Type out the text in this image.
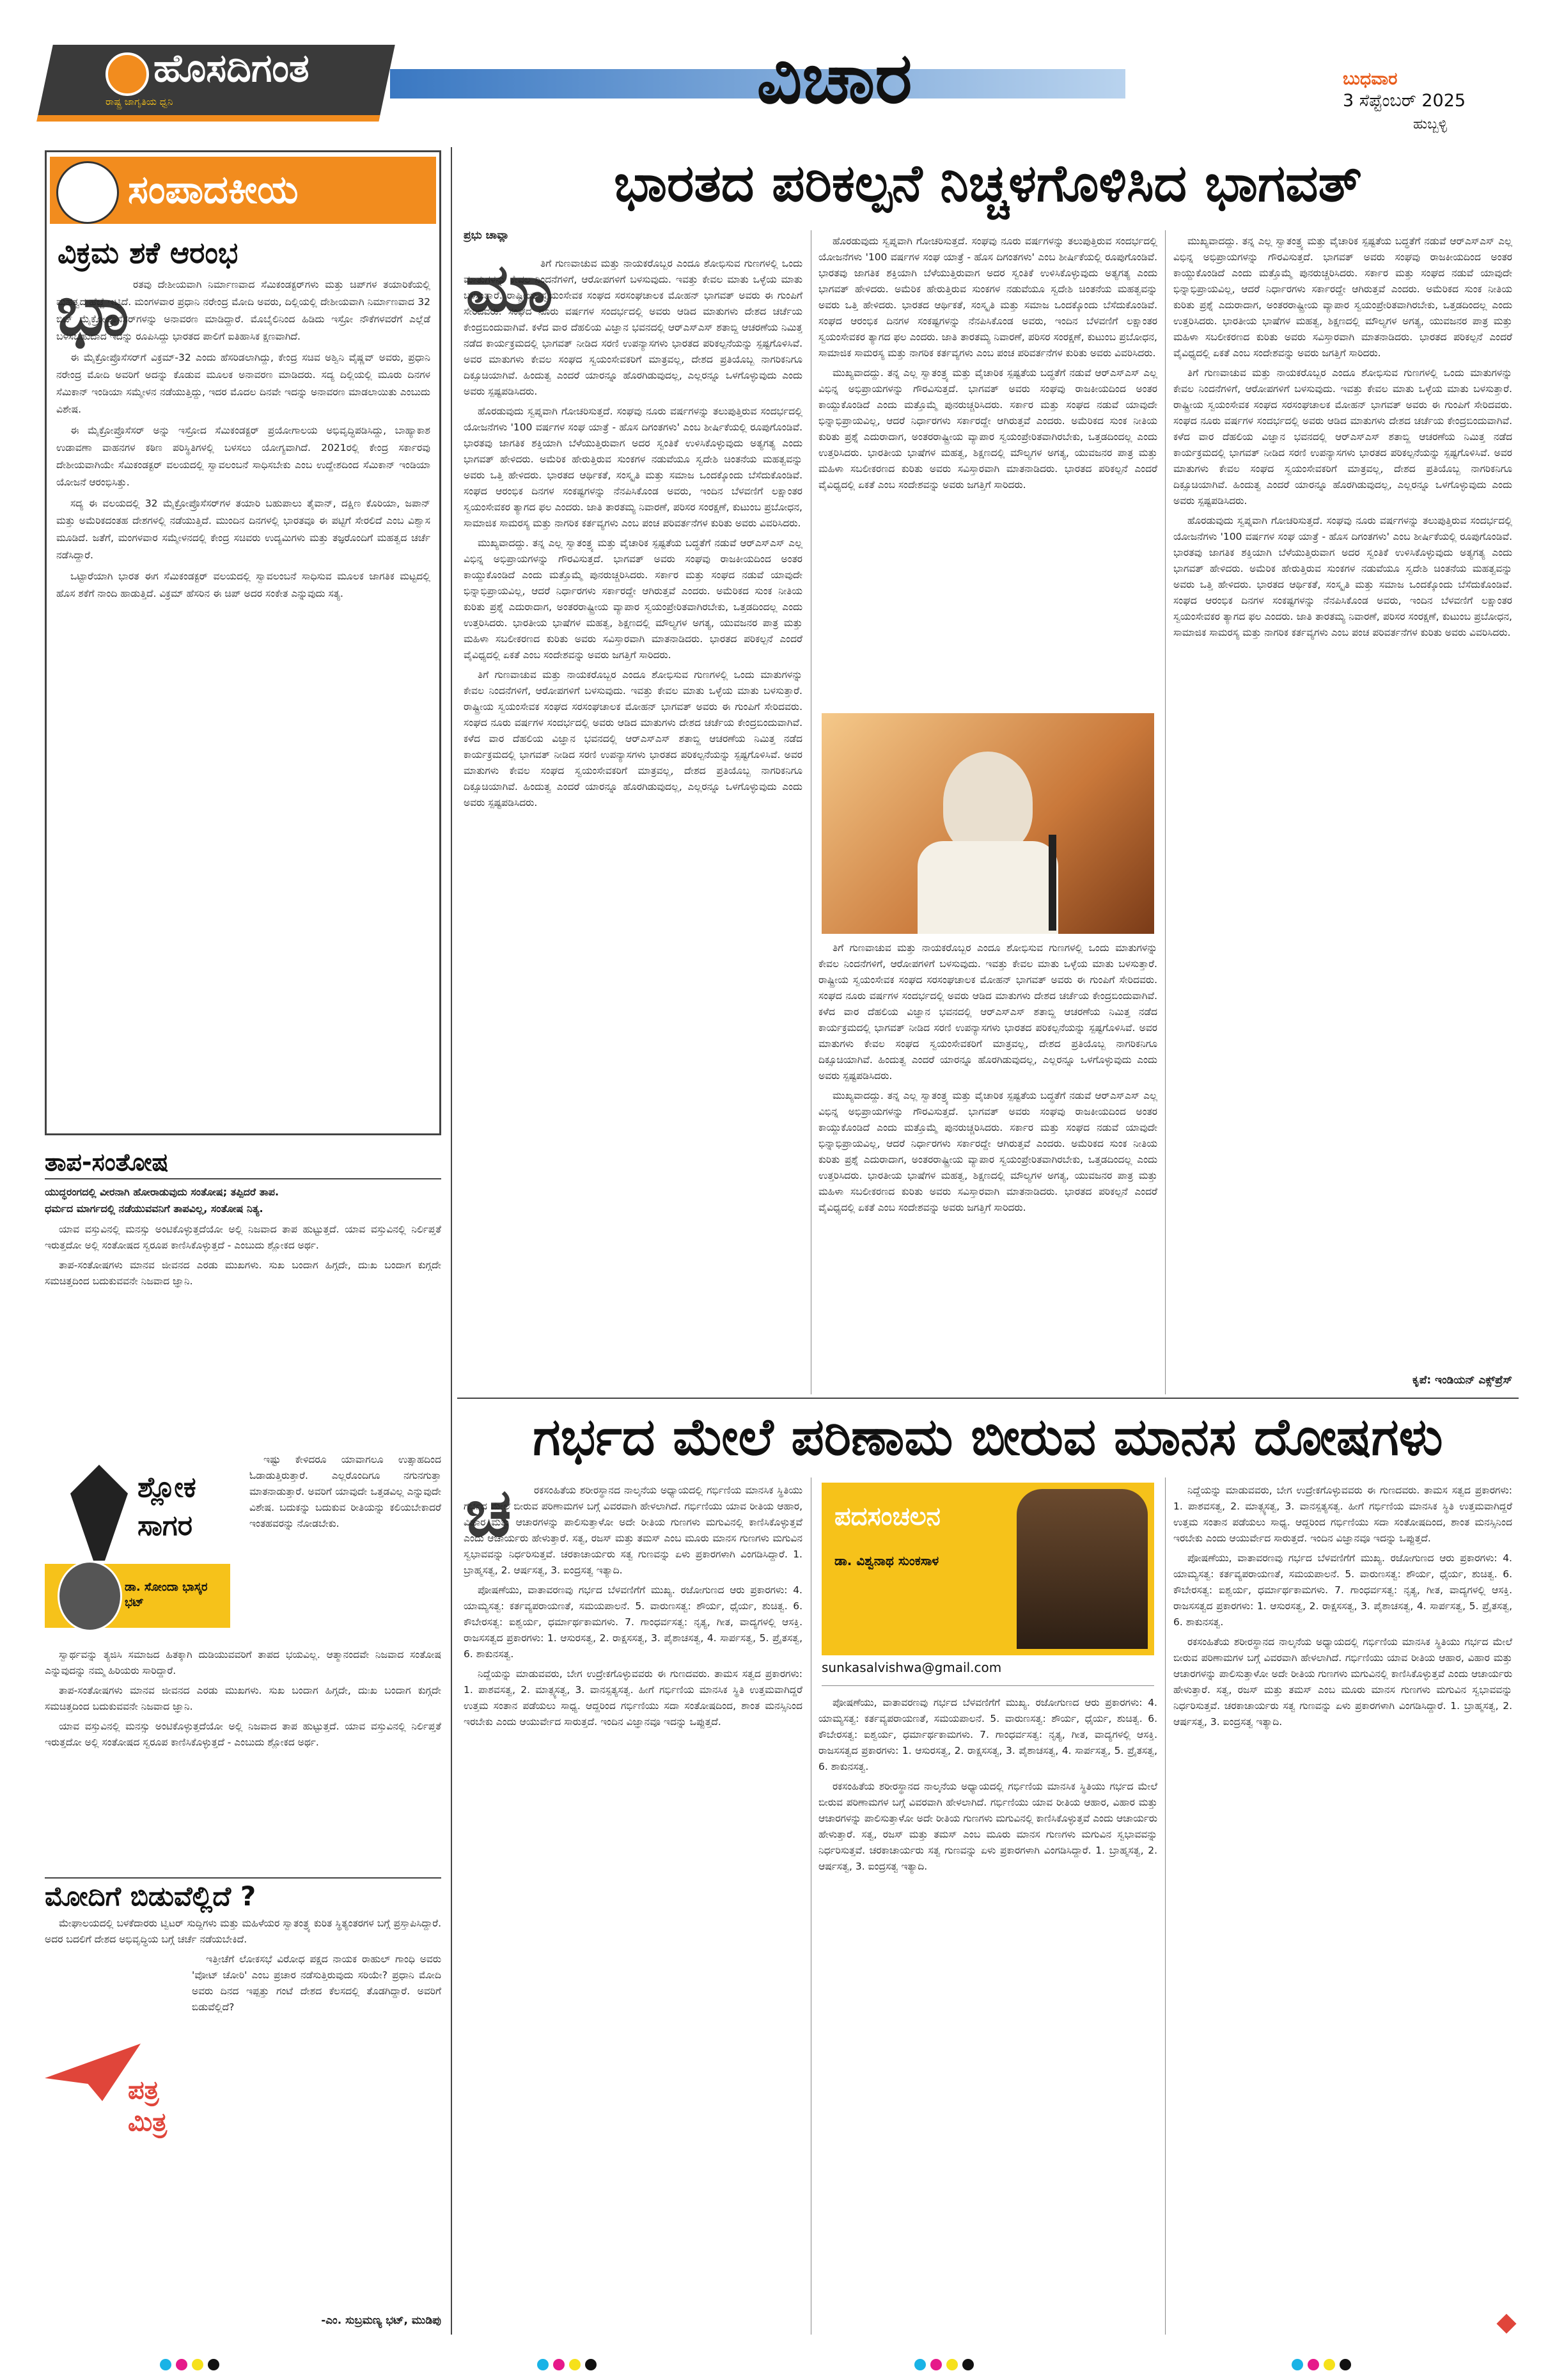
ಹೊಸದಿಗಂತ
ರಾಷ್ಟ್ರ ಜಾಗೃತಿಯ ಧ್ವನಿ	ವಿಚಾರ	ಬುಧವಾರ
3 ಸೆಪ್ಟೆಂಬರ್ 2025
ಹುಬ್ಬಳ್ಳಿ
ಸಂಪಾದಕೀಯ
ವಿಕ್ರಮ ಶಕೆ ಆರಂಭ
ಭಾ ರತವು ದೇಶೀಯವಾಗಿ ನಿರ್ಮಾಣವಾದ ಸೆಮಿಕಂಡಕ್ಟರ್‌ಗಳು ಮತ್ತು ಚಿಪ್‌ಗಳ ತಯಾರಿಕೆಯಲ್ಲಿ ಮಹತ್ವದ ಹೆಜ್ಜೆ ಇಟ್ಟಿದೆ. ಮಂಗಳವಾರ ಪ್ರಧಾನಿ ನರೇಂದ್ರ ಮೋದಿ ಅವರು, ದಿಲ್ಲಿಯಲ್ಲಿ ದೇಶೀಯವಾಗಿ ನಿರ್ಮಾಣವಾದ 32 ಬಿಟ್ ಮೈಕ್ರೋಪ್ರೊಸೆಸರ್‌ಗಳನ್ನು ಅನಾವರಣ ಮಾಡಿದ್ದಾರೆ. ಮೊಬೈಲಿನಿಂದ ಹಿಡಿದು ಇಸ್ರೋ ನೌಕೆಗಳವರೆಗೆ ಎಲ್ಲೆಡೆ ಬಳಸಬಹುದಾದ ಇದನ್ನು ರೂಪಿಸಿದ್ದು ಭಾರತದ ಪಾಲಿಗೆ ಐತಿಹಾಸಿಕ ಕ್ಷಣವಾಗಿದೆ.

ಈ ಮೈಕ್ರೋಪ್ರೊಸೆಸರ್‌ಗೆ ವಿಕ್ರಮ್-32 ಎಂದು ಹೆಸರಿಡಲಾಗಿದ್ದು, ಕೇಂದ್ರ ಸಚಿವ ಅಶ್ವಿನಿ ವೈಷ್ಣವ್ ಅವರು, ಪ್ರಧಾನಿ ನರೇಂದ್ರ ಮೋದಿ ಅವರಿಗೆ ಅದನ್ನು ಕೊಡುವ ಮೂಲಕ ಅನಾವರಣ ಮಾಡಿದರು. ಸದ್ಯ ದಿಲ್ಲಿಯಲ್ಲಿ ಮೂರು ದಿನಗಳ ಸೆಮಿಕಾನ್ ಇಂಡಿಯಾ ಸಮ್ಮೇಳನ ನಡೆಯುತ್ತಿದ್ದು, ಇದರ ಮೊದಲ ದಿನವೇ ಇದನ್ನು ಅನಾವರಣ ಮಾಡಲಾಯಿತು ಎಂಬುದು ವಿಶೇಷ.

ಈ ಮೈಕ್ರೋಪ್ರೊಸೆಸರ್ ಅನ್ನು ಇಸ್ರೋದ ಸೆಮಿಕಂಡಕ್ಟರ್ ಪ್ರಯೋಗಾಲಯ ಅಭಿವೃದ್ಧಿಪಡಿಸಿದ್ದು, ಬಾಹ್ಯಾಕಾಶ ಉಡಾವಣಾ ವಾಹನಗಳ ಕಠಿಣ ಪರಿಸ್ಥಿತಿಗಳಲ್ಲಿ ಬಳಸಲು ಯೋಗ್ಯವಾಗಿದೆ. 2021ರಲ್ಲಿ ಕೇಂದ್ರ ಸರ್ಕಾರವು ದೇಶೀಯವಾಗಿಯೇ ಸೆಮಿಕಂಡಕ್ಟರ್ ವಲಯದಲ್ಲಿ ಸ್ವಾವಲಂಬನೆ ಸಾಧಿಸಬೇಕು ಎಂಬ ಉದ್ದೇಶದಿಂದ ಸೆಮಿಕಾನ್ ಇಂಡಿಯಾ ಯೋಜನೆ ಆರಂಭಿಸಿತ್ತು.

ಸದ್ಯ ಈ ವಲಯದಲ್ಲಿ 32 ಮೈಕ್ರೋಪ್ರೊಸೆಸರ್‌ಗಳ ತಯಾರಿ ಬಹುಪಾಲು ತೈವಾನ್, ದಕ್ಷಿಣ ಕೊರಿಯಾ, ಜಪಾನ್ ಮತ್ತು ಅಮೆರಿಕದಂತಹ ದೇಶಗಳಲ್ಲಿ ನಡೆಯುತ್ತಿದೆ. ಮುಂದಿನ ದಿನಗಳಲ್ಲಿ ಭಾರತವೂ ಈ ಪಟ್ಟಿಗೆ ಸೇರಲಿದೆ ಎಂಬ ವಿಶ್ವಾಸ ಮೂಡಿದೆ. ಜತೆಗೆ, ಮಂಗಳವಾರ ಸಮ್ಮೇಳನದಲ್ಲಿ ಕೇಂದ್ರ ಸಚಿವರು ಉದ್ಯಮಿಗಳು ಮತ್ತು ತಜ್ಞರೊಂದಿಗೆ ಮಹತ್ವದ ಚರ್ಚೆ ನಡೆಸಿದ್ದಾರೆ.

ಒಟ್ಟಾರೆಯಾಗಿ ಭಾರತ ಈಗ ಸೆಮಿಕಂಡಕ್ಟರ್ ವಲಯದಲ್ಲಿ ಸ್ವಾವಲಂಬನೆ ಸಾಧಿಸುವ ಮೂಲಕ ಜಾಗತಿಕ ಮಟ್ಟದಲ್ಲಿ ಹೊಸ ಶಕೆಗೆ ನಾಂದಿ ಹಾಡುತ್ತಿದೆ. ವಿಕ್ರಮ್ ಹೆಸರಿನ ಈ ಚಿಪ್ ಅದರ ಸಂಕೇತ ಎನ್ನುವುದು ಸತ್ಯ.

ತಾಪ-ಸಂತೋಷ
ಯುದ್ಧರಂಗದಲ್ಲಿ ವೀರನಾಗಿ ಹೋರಾಡುವುದು ಸಂತೋಷ; ತಪ್ಪಿದರೆ ತಾಪ.
ಧರ್ಮದ ಮಾರ್ಗದಲ್ಲಿ ನಡೆಯುವವನಿಗೆ ತಾಪವಿಲ್ಲ, ಸಂತೋಷ ನಿತ್ಯ.

ಯಾವ ವಸ್ತುವಿನಲ್ಲಿ ಮನಸ್ಸು ಅಂಟಿಕೊಳ್ಳುತ್ತದೆಯೋ ಅಲ್ಲಿ ನಿಜವಾದ ತಾಪ ಹುಟ್ಟುತ್ತದೆ. ಯಾವ ವಸ್ತುವಿನಲ್ಲಿ ನಿರ್ಲಿಪ್ತತೆ ಇರುತ್ತದೋ ಅಲ್ಲಿ ಸಂತೋಷದ ಸ್ವರೂಪ ಕಾಣಿಸಿಕೊಳ್ಳುತ್ತದೆ - ಎಂಬುದು ಶ್ಲೋಕದ ಅರ್ಥ.

ತಾಪ-ಸಂತೋಷಗಳು ಮಾನವ ಜೀವನದ ಎರಡು ಮುಖಗಳು. ಸುಖ ಬಂದಾಗ ಹಿಗ್ಗದೇ, ದುಃಖ ಬಂದಾಗ ಕುಗ್ಗದೇ ಸಮಚಿತ್ತದಿಂದ ಬದುಕುವವನೇ ನಿಜವಾದ ಜ್ಞಾನಿ.

ಶ್ಲೋಕ
ಸಾಗರ
ಡಾ. ಸೋಂದಾ ಭಾಸ್ಕರ ಭಟ್

ಇಷ್ಟು ಕೇಳಿದರೂ ಯಾವಾಗಲೂ ಉತ್ಸಾಹದಿಂದ ಓಡಾಡುತ್ತಿರುತ್ತಾರೆ. ಎಲ್ಲರೊಂದಿಗೂ ನಗುನಗುತ್ತಾ ಮಾತನಾಡುತ್ತಾರೆ. ಅವರಿಗೆ ಯಾವುದೇ ಒತ್ತಡವಿಲ್ಲ ಎನ್ನುವುದೇ ವಿಶೇಷ. ಬದುಕನ್ನು ಬದುಕುವ ರೀತಿಯನ್ನು ಕಲಿಯಬೇಕಾದರೆ ಇಂತಹವರನ್ನು ನೋಡಬೇಕು.

ಸ್ವಾರ್ಥವನ್ನು ತ್ಯಜಿಸಿ ಸಮಾಜದ ಹಿತಕ್ಕಾಗಿ ದುಡಿಯುವವರಿಗೆ ತಾಪದ ಭಯವಿಲ್ಲ. ಆತ್ಮಾನಂದವೇ ನಿಜವಾದ ಸಂತೋಷ ಎನ್ನುವುದನ್ನು ನಮ್ಮ ಹಿರಿಯರು ಸಾರಿದ್ದಾರೆ.

ತಾಪ-ಸಂತೋಷಗಳು ಮಾನವ ಜೀವನದ ಎರಡು ಮುಖಗಳು. ಸುಖ ಬಂದಾಗ ಹಿಗ್ಗದೇ, ದುಃಖ ಬಂದಾಗ ಕುಗ್ಗದೇ ಸಮಚಿತ್ತದಿಂದ ಬದುಕುವವನೇ ನಿಜವಾದ ಜ್ಞಾನಿ.

ಯಾವ ವಸ್ತುವಿನಲ್ಲಿ ಮನಸ್ಸು ಅಂಟಿಕೊಳ್ಳುತ್ತದೆಯೋ ಅಲ್ಲಿ ನಿಜವಾದ ತಾಪ ಹುಟ್ಟುತ್ತದೆ. ಯಾವ ವಸ್ತುವಿನಲ್ಲಿ ನಿರ್ಲಿಪ್ತತೆ ಇರುತ್ತದೋ ಅಲ್ಲಿ ಸಂತೋಷದ ಸ್ವರೂಪ ಕಾಣಿಸಿಕೊಳ್ಳುತ್ತದೆ - ಎಂಬುದು ಶ್ಲೋಕದ ಅರ್ಥ.

ಮೋದಿಗೆ ಬಿಡುವೆಲ್ಲಿದೆ ?

ಮೇಘಾಲಯದಲ್ಲಿ ಬಳಕೆದಾರರು ಟ್ವಿಟರ್ ಸುದ್ದಿಗಳು ಮತ್ತು ಮಹಿಳೆಯರ ಸ್ವಾತಂತ್ರ್ಯ ಕುರಿತ ಸ್ಥಿತ್ಯಂತರಗಳ ಬಗ್ಗೆ ಪ್ರಸ್ತಾಪಿಸಿದ್ದಾರೆ. ಅದರ ಬದಲಿಗೆ ದೇಶದ ಅಭಿವೃದ್ಧಿಯ ಬಗ್ಗೆ ಚರ್ಚೆ ನಡೆಯಬೇಕಿದೆ.

ಇತ್ತೀಚೆಗೆ ಲೋಕಸಭೆ ವಿರೋಧ ಪಕ್ಷದ ನಾಯಕ ರಾಹುಲ್ ಗಾಂಧಿ ಅವರು 'ವೋಟ್ ಚೋರಿ' ಎಂಬ ಪ್ರಚಾರ ನಡೆಸುತ್ತಿರುವುದು ಸರಿಯೇ? ಪ್ರಧಾನಿ ಮೋದಿ ಅವರು ದಿನದ ಇಪ್ಪತ್ತು ಗಂಟೆ ದೇಶದ ಕೆಲಸದಲ್ಲಿ ತೊಡಗಿದ್ದಾರೆ. ಅವರಿಗೆ ಬಿಡುವೆಲ್ಲಿದೆ?

ಪತ್ರ
ಮಿತ್ರ
-ಎಂ. ಸುಬ್ರಮಣ್ಯ ಭಟ್, ಮುಡಿಪು
ಭಾರತದ ಪರಿಕಲ್ಪನೆ ನಿಚ್ಚಳಗೊಳಿಸಿದ ಭಾಗವತ್
ಪ್ರಭು ಚಾವ್ಲಾ
ಮಾ

ತಿಗೆ ಗುಣವಾಚುವ ಮತ್ತು ನಾಯಕರೊಬ್ಬರ ಎಂದೂ ಶೋಭಿಸುವ ಗುಣಗಳಲ್ಲಿ ಒಂದು ಮಾತುಗಳನ್ನು ಕೇವಲ ನಿಂದನೆಗಳಿಗೆ, ಆರೋಪಗಳಿಗೆ ಬಳಸುವುದು. ಇವತ್ತು ಕೇವಲ ಮಾತು ಒಳ್ಳೆಯ ಮಾತು ಬಳಸುತ್ತಾರೆ. ರಾಷ್ಟ್ರೀಯ ಸ್ವಯಂಸೇವಕ ಸಂಘದ ಸರಸಂಘಚಾಲಕ ಮೋಹನ್ ಭಾಗವತ್ ಅವರು ಈ ಗುಂಪಿಗೆ ಸೇರಿದವರು. ಸಂಘದ ನೂರು ವರ್ಷಗಳ ಸಂದರ್ಭದಲ್ಲಿ ಅವರು ಆಡಿದ ಮಾತುಗಳು ದೇಶದ ಚರ್ಚೆಯ ಕೇಂದ್ರಬಿಂದುವಾಗಿವೆ. ಕಳೆದ ವಾರ ದೆಹಲಿಯ ವಿಜ್ಞಾನ ಭವನದಲ್ಲಿ ಆರ್‌ಎಸ್‌ಎಸ್ ಶತಾಬ್ದಿ ಆಚರಣೆಯ ನಿಮಿತ್ತ ನಡೆದ ಕಾರ್ಯಕ್ರಮದಲ್ಲಿ ಭಾಗವತ್ ನೀಡಿದ ಸರಣಿ ಉಪನ್ಯಾಸಗಳು ಭಾರತದ ಪರಿಕಲ್ಪನೆಯನ್ನು ಸ್ಪಷ್ಟಗೊಳಿಸಿವೆ. ಅವರ ಮಾತುಗಳು ಕೇವಲ ಸಂಘದ ಸ್ವಯಂಸೇವಕರಿಗೆ ಮಾತ್ರವಲ್ಲ, ದೇಶದ ಪ್ರತಿಯೊಬ್ಬ ನಾಗರಿಕನಿಗೂ ದಿಕ್ಸೂಚಿಯಾಗಿವೆ. ಹಿಂದುತ್ವ ಎಂದರೆ ಯಾರನ್ನೂ ಹೊರಗಿಡುವುದಲ್ಲ, ಎಲ್ಲರನ್ನೂ ಒಳಗೊಳ್ಳುವುದು ಎಂದು ಅವರು ಸ್ಪಷ್ಟಪಡಿಸಿದರು.

ಹೊರಡುವುದು ಸ್ವಪ್ನವಾಗಿ ಗೋಚರಿಸುತ್ತದೆ. ಸಂಘವು ನೂರು ವರ್ಷಗಳನ್ನು ತಲುಪುತ್ತಿರುವ ಸಂದರ್ಭದಲ್ಲಿ ಯೋಜನೆಗಳು '100 ವರ್ಷಗಳ ಸಂಘ ಯಾತ್ರೆ - ಹೊಸ ದಿಗಂತಗಳು' ಎಂಬ ಶೀರ್ಷಿಕೆಯಲ್ಲಿ ರೂಪುಗೊಂಡಿವೆ. ಭಾರತವು ಜಾಗತಿಕ ಶಕ್ತಿಯಾಗಿ ಬೆಳೆಯುತ್ತಿರುವಾಗ ಅದರ ಸ್ವಂತಿಕೆ ಉಳಿಸಿಕೊಳ್ಳುವುದು ಅತ್ಯಗತ್ಯ ಎಂದು ಭಾಗವತ್ ಹೇಳಿದರು. ಅಮೆರಿಕ ಹೇರುತ್ತಿರುವ ಸುಂಕಗಳ ನಡುವೆಯೂ ಸ್ವದೇಶಿ ಚಿಂತನೆಯ ಮಹತ್ವವನ್ನು ಅವರು ಒತ್ತಿ ಹೇಳಿದರು. ಭಾರತದ ಆರ್ಥಿಕತೆ, ಸಂಸ್ಕೃತಿ ಮತ್ತು ಸಮಾಜ ಒಂದಕ್ಕೊಂದು ಬೆಸೆದುಕೊಂಡಿವೆ. ಸಂಘದ ಆರಂಭಿಕ ದಿನಗಳ ಸಂಕಷ್ಟಗಳನ್ನು ನೆನಪಿಸಿಕೊಂಡ ಅವರು, ಇಂದಿನ ಬೆಳವಣಿಗೆ ಲಕ್ಷಾಂತರ ಸ್ವಯಂಸೇವಕರ ತ್ಯಾಗದ ಫಲ ಎಂದರು. ಜಾತಿ ತಾರತಮ್ಯ ನಿವಾರಣೆ, ಪರಿಸರ ಸಂರಕ್ಷಣೆ, ಕುಟುಂಬ ಪ್ರಬೋಧನ, ಸಾಮಾಜಿಕ ಸಾಮರಸ್ಯ ಮತ್ತು ನಾಗರಿಕ ಕರ್ತವ್ಯಗಳು ಎಂಬ ಪಂಚ ಪರಿವರ್ತನೆಗಳ ಕುರಿತು ಅವರು ವಿವರಿಸಿದರು.

ಮುಖ್ಯವಾದದ್ದು. ತನ್ನ ಎಲ್ಲ ಸ್ವಾತಂತ್ರ್ಯ ಮತ್ತು ವೈಚಾರಿಕ ಸ್ಪಷ್ಟತೆಯ ಬದ್ಧತೆಗೆ ನಡುವೆ ಆರ್‌ಎಸ್‌ಎಸ್ ಎಲ್ಲ ವಿಭಿನ್ನ ಅಭಿಪ್ರಾಯಗಳನ್ನು ಗೌರವಿಸುತ್ತದೆ. ಭಾಗವತ್ ಅವರು ಸಂಘವು ರಾಜಕೀಯದಿಂದ ಅಂತರ ಕಾಯ್ದುಕೊಂಡಿದೆ ಎಂದು ಮತ್ತೊಮ್ಮೆ ಪುನರುಚ್ಚರಿಸಿದರು. ಸರ್ಕಾರ ಮತ್ತು ಸಂಘದ ನಡುವೆ ಯಾವುದೇ ಭಿನ್ನಾಭಿಪ್ರಾಯವಿಲ್ಲ, ಆದರೆ ನಿರ್ಧಾರಗಳು ಸರ್ಕಾರದ್ದೇ ಆಗಿರುತ್ತವೆ ಎಂದರು. ಅಮೆರಿಕದ ಸುಂಕ ನೀತಿಯ ಕುರಿತು ಪ್ರಶ್ನೆ ಎದುರಾದಾಗ, ಅಂತರರಾಷ್ಟ್ರೀಯ ವ್ಯಾಪಾರ ಸ್ವಯಂಪ್ರೇರಿತವಾಗಿರಬೇಕು, ಒತ್ತಡದಿಂದಲ್ಲ ಎಂದು ಉತ್ತರಿಸಿದರು. ಭಾರತೀಯ ಭಾಷೆಗಳ ಮಹತ್ವ, ಶಿಕ್ಷಣದಲ್ಲಿ ಮೌಲ್ಯಗಳ ಅಗತ್ಯ, ಯುವಜನರ ಪಾತ್ರ ಮತ್ತು ಮಹಿಳಾ ಸಬಲೀಕರಣದ ಕುರಿತು ಅವರು ಸವಿಸ್ತಾರವಾಗಿ ಮಾತನಾಡಿದರು. ಭಾರತದ ಪರಿಕಲ್ಪನೆ ಎಂದರೆ ವೈವಿಧ್ಯದಲ್ಲಿ ಏಕತೆ ಎಂಬ ಸಂದೇಶವನ್ನು ಅವರು ಜಗತ್ತಿಗೆ ಸಾರಿದರು.

ತಿಗೆ ಗುಣವಾಚುವ ಮತ್ತು ನಾಯಕರೊಬ್ಬರ ಎಂದೂ ಶೋಭಿಸುವ ಗುಣಗಳಲ್ಲಿ ಒಂದು ಮಾತುಗಳನ್ನು ಕೇವಲ ನಿಂದನೆಗಳಿಗೆ, ಆರೋಪಗಳಿಗೆ ಬಳಸುವುದು. ಇವತ್ತು ಕೇವಲ ಮಾತು ಒಳ್ಳೆಯ ಮಾತು ಬಳಸುತ್ತಾರೆ. ರಾಷ್ಟ್ರೀಯ ಸ್ವಯಂಸೇವಕ ಸಂಘದ ಸರಸಂಘಚಾಲಕ ಮೋಹನ್ ಭಾಗವತ್ ಅವರು ಈ ಗುಂಪಿಗೆ ಸೇರಿದವರು. ಸಂಘದ ನೂರು ವರ್ಷಗಳ ಸಂದರ್ಭದಲ್ಲಿ ಅವರು ಆಡಿದ ಮಾತುಗಳು ದೇಶದ ಚರ್ಚೆಯ ಕೇಂದ್ರಬಿಂದುವಾಗಿವೆ. ಕಳೆದ ವಾರ ದೆಹಲಿಯ ವಿಜ್ಞಾನ ಭವನದಲ್ಲಿ ಆರ್‌ಎಸ್‌ಎಸ್ ಶತಾಬ್ದಿ ಆಚರಣೆಯ ನಿಮಿತ್ತ ನಡೆದ ಕಾರ್ಯಕ್ರಮದಲ್ಲಿ ಭಾಗವತ್ ನೀಡಿದ ಸರಣಿ ಉಪನ್ಯಾಸಗಳು ಭಾರತದ ಪರಿಕಲ್ಪನೆಯನ್ನು ಸ್ಪಷ್ಟಗೊಳಿಸಿವೆ. ಅವರ ಮಾತುಗಳು ಕೇವಲ ಸಂಘದ ಸ್ವಯಂಸೇವಕರಿಗೆ ಮಾತ್ರವಲ್ಲ, ದೇಶದ ಪ್ರತಿಯೊಬ್ಬ ನಾಗರಿಕನಿಗೂ ದಿಕ್ಸೂಚಿಯಾಗಿವೆ. ಹಿಂದುತ್ವ ಎಂದರೆ ಯಾರನ್ನೂ ಹೊರಗಿಡುವುದಲ್ಲ, ಎಲ್ಲರನ್ನೂ ಒಳಗೊಳ್ಳುವುದು ಎಂದು ಅವರು ಸ್ಪಷ್ಟಪಡಿಸಿದರು.

ಹೊರಡುವುದು ಸ್ವಪ್ನವಾಗಿ ಗೋಚರಿಸುತ್ತದೆ. ಸಂಘವು ನೂರು ವರ್ಷಗಳನ್ನು ತಲುಪುತ್ತಿರುವ ಸಂದರ್ಭದಲ್ಲಿ ಯೋಜನೆಗಳು '100 ವರ್ಷಗಳ ಸಂಘ ಯಾತ್ರೆ - ಹೊಸ ದಿಗಂತಗಳು' ಎಂಬ ಶೀರ್ಷಿಕೆಯಲ್ಲಿ ರೂಪುಗೊಂಡಿವೆ. ಭಾರತವು ಜಾಗತಿಕ ಶಕ್ತಿಯಾಗಿ ಬೆಳೆಯುತ್ತಿರುವಾಗ ಅದರ ಸ್ವಂತಿಕೆ ಉಳಿಸಿಕೊಳ್ಳುವುದು ಅತ್ಯಗತ್ಯ ಎಂದು ಭಾಗವತ್ ಹೇಳಿದರು. ಅಮೆರಿಕ ಹೇರುತ್ತಿರುವ ಸುಂಕಗಳ ನಡುವೆಯೂ ಸ್ವದೇಶಿ ಚಿಂತನೆಯ ಮಹತ್ವವನ್ನು ಅವರು ಒತ್ತಿ ಹೇಳಿದರು. ಭಾರತದ ಆರ್ಥಿಕತೆ, ಸಂಸ್ಕೃತಿ ಮತ್ತು ಸಮಾಜ ಒಂದಕ್ಕೊಂದು ಬೆಸೆದುಕೊಂಡಿವೆ. ಸಂಘದ ಆರಂಭಿಕ ದಿನಗಳ ಸಂಕಷ್ಟಗಳನ್ನು ನೆನಪಿಸಿಕೊಂಡ ಅವರು, ಇಂದಿನ ಬೆಳವಣಿಗೆ ಲಕ್ಷಾಂತರ ಸ್ವಯಂಸೇವಕರ ತ್ಯಾಗದ ಫಲ ಎಂದರು. ಜಾತಿ ತಾರತಮ್ಯ ನಿವಾರಣೆ, ಪರಿಸರ ಸಂರಕ್ಷಣೆ, ಕುಟುಂಬ ಪ್ರಬೋಧನ, ಸಾಮಾಜಿಕ ಸಾಮರಸ್ಯ ಮತ್ತು ನಾಗರಿಕ ಕರ್ತವ್ಯಗಳು ಎಂಬ ಪಂಚ ಪರಿವರ್ತನೆಗಳ ಕುರಿತು ಅವರು ವಿವರಿಸಿದರು.

ಮುಖ್ಯವಾದದ್ದು. ತನ್ನ ಎಲ್ಲ ಸ್ವಾತಂತ್ರ್ಯ ಮತ್ತು ವೈಚಾರಿಕ ಸ್ಪಷ್ಟತೆಯ ಬದ್ಧತೆಗೆ ನಡುವೆ ಆರ್‌ಎಸ್‌ಎಸ್ ಎಲ್ಲ ವಿಭಿನ್ನ ಅಭಿಪ್ರಾಯಗಳನ್ನು ಗೌರವಿಸುತ್ತದೆ. ಭಾಗವತ್ ಅವರು ಸಂಘವು ರಾಜಕೀಯದಿಂದ ಅಂತರ ಕಾಯ್ದುಕೊಂಡಿದೆ ಎಂದು ಮತ್ತೊಮ್ಮೆ ಪುನರುಚ್ಚರಿಸಿದರು. ಸರ್ಕಾರ ಮತ್ತು ಸಂಘದ ನಡುವೆ ಯಾವುದೇ ಭಿನ್ನಾಭಿಪ್ರಾಯವಿಲ್ಲ, ಆದರೆ ನಿರ್ಧಾರಗಳು ಸರ್ಕಾರದ್ದೇ ಆಗಿರುತ್ತವೆ ಎಂದರು. ಅಮೆರಿಕದ ಸುಂಕ ನೀತಿಯ ಕುರಿತು ಪ್ರಶ್ನೆ ಎದುರಾದಾಗ, ಅಂತರರಾಷ್ಟ್ರೀಯ ವ್ಯಾಪಾರ ಸ್ವಯಂಪ್ರೇರಿತವಾಗಿರಬೇಕು, ಒತ್ತಡದಿಂದಲ್ಲ ಎಂದು ಉತ್ತರಿಸಿದರು. ಭಾರತೀಯ ಭಾಷೆಗಳ ಮಹತ್ವ, ಶಿಕ್ಷಣದಲ್ಲಿ ಮೌಲ್ಯಗಳ ಅಗತ್ಯ, ಯುವಜನರ ಪಾತ್ರ ಮತ್ತು ಮಹಿಳಾ ಸಬಲೀಕರಣದ ಕುರಿತು ಅವರು ಸವಿಸ್ತಾರವಾಗಿ ಮಾತನಾಡಿದರು. ಭಾರತದ ಪರಿಕಲ್ಪನೆ ಎಂದರೆ ವೈವಿಧ್ಯದಲ್ಲಿ ಏಕತೆ ಎಂಬ ಸಂದೇಶವನ್ನು ಅವರು ಜಗತ್ತಿಗೆ ಸಾರಿದರು.

ತಿಗೆ ಗುಣವಾಚುವ ಮತ್ತು ನಾಯಕರೊಬ್ಬರ ಎಂದೂ ಶೋಭಿಸುವ ಗುಣಗಳಲ್ಲಿ ಒಂದು ಮಾತುಗಳನ್ನು ಕೇವಲ ನಿಂದನೆಗಳಿಗೆ, ಆರೋಪಗಳಿಗೆ ಬಳಸುವುದು. ಇವತ್ತು ಕೇವಲ ಮಾತು ಒಳ್ಳೆಯ ಮಾತು ಬಳಸುತ್ತಾರೆ. ರಾಷ್ಟ್ರೀಯ ಸ್ವಯಂಸೇವಕ ಸಂಘದ ಸರಸಂಘಚಾಲಕ ಮೋಹನ್ ಭಾಗವತ್ ಅವರು ಈ ಗುಂಪಿಗೆ ಸೇರಿದವರು. ಸಂಘದ ನೂರು ವರ್ಷಗಳ ಸಂದರ್ಭದಲ್ಲಿ ಅವರು ಆಡಿದ ಮಾತುಗಳು ದೇಶದ ಚರ್ಚೆಯ ಕೇಂದ್ರಬಿಂದುವಾಗಿವೆ. ಕಳೆದ ವಾರ ದೆಹಲಿಯ ವಿಜ್ಞಾನ ಭವನದಲ್ಲಿ ಆರ್‌ಎಸ್‌ಎಸ್ ಶತಾಬ್ದಿ ಆಚರಣೆಯ ನಿಮಿತ್ತ ನಡೆದ ಕಾರ್ಯಕ್ರಮದಲ್ಲಿ ಭಾಗವತ್ ನೀಡಿದ ಸರಣಿ ಉಪನ್ಯಾಸಗಳು ಭಾರತದ ಪರಿಕಲ್ಪನೆಯನ್ನು ಸ್ಪಷ್ಟಗೊಳಿಸಿವೆ. ಅವರ ಮಾತುಗಳು ಕೇವಲ ಸಂಘದ ಸ್ವಯಂಸೇವಕರಿಗೆ ಮಾತ್ರವಲ್ಲ, ದೇಶದ ಪ್ರತಿಯೊಬ್ಬ ನಾಗರಿಕನಿಗೂ ದಿಕ್ಸೂಚಿಯಾಗಿವೆ. ಹಿಂದುತ್ವ ಎಂದರೆ ಯಾರನ್ನೂ ಹೊರಗಿಡುವುದಲ್ಲ, ಎಲ್ಲರನ್ನೂ ಒಳಗೊಳ್ಳುವುದು ಎಂದು ಅವರು ಸ್ಪಷ್ಟಪಡಿಸಿದರು.

ಮುಖ್ಯವಾದದ್ದು. ತನ್ನ ಎಲ್ಲ ಸ್ವಾತಂತ್ರ್ಯ ಮತ್ತು ವೈಚಾರಿಕ ಸ್ಪಷ್ಟತೆಯ ಬದ್ಧತೆಗೆ ನಡುವೆ ಆರ್‌ಎಸ್‌ಎಸ್ ಎಲ್ಲ ವಿಭಿನ್ನ ಅಭಿಪ್ರಾಯಗಳನ್ನು ಗೌರವಿಸುತ್ತದೆ. ಭಾಗವತ್ ಅವರು ಸಂಘವು ರಾಜಕೀಯದಿಂದ ಅಂತರ ಕಾಯ್ದುಕೊಂಡಿದೆ ಎಂದು ಮತ್ತೊಮ್ಮೆ ಪುನರುಚ್ಚರಿಸಿದರು. ಸರ್ಕಾರ ಮತ್ತು ಸಂಘದ ನಡುವೆ ಯಾವುದೇ ಭಿನ್ನಾಭಿಪ್ರಾಯವಿಲ್ಲ, ಆದರೆ ನಿರ್ಧಾರಗಳು ಸರ್ಕಾರದ್ದೇ ಆಗಿರುತ್ತವೆ ಎಂದರು. ಅಮೆರಿಕದ ಸುಂಕ ನೀತಿಯ ಕುರಿತು ಪ್ರಶ್ನೆ ಎದುರಾದಾಗ, ಅಂತರರಾಷ್ಟ್ರೀಯ ವ್ಯಾಪಾರ ಸ್ವಯಂಪ್ರೇರಿತವಾಗಿರಬೇಕು, ಒತ್ತಡದಿಂದಲ್ಲ ಎಂದು ಉತ್ತರಿಸಿದರು. ಭಾರತೀಯ ಭಾಷೆಗಳ ಮಹತ್ವ, ಶಿಕ್ಷಣದಲ್ಲಿ ಮೌಲ್ಯಗಳ ಅಗತ್ಯ, ಯುವಜನರ ಪಾತ್ರ ಮತ್ತು ಮಹಿಳಾ ಸಬಲೀಕರಣದ ಕುರಿತು ಅವರು ಸವಿಸ್ತಾರವಾಗಿ ಮಾತನಾಡಿದರು. ಭಾರತದ ಪರಿಕಲ್ಪನೆ ಎಂದರೆ ವೈವಿಧ್ಯದಲ್ಲಿ ಏಕತೆ ಎಂಬ ಸಂದೇಶವನ್ನು ಅವರು ಜಗತ್ತಿಗೆ ಸಾರಿದರು.

ಮುಖ್ಯವಾದದ್ದು. ತನ್ನ ಎಲ್ಲ ಸ್ವಾತಂತ್ರ್ಯ ಮತ್ತು ವೈಚಾರಿಕ ಸ್ಪಷ್ಟತೆಯ ಬದ್ಧತೆಗೆ ನಡುವೆ ಆರ್‌ಎಸ್‌ಎಸ್ ಎಲ್ಲ ವಿಭಿನ್ನ ಅಭಿಪ್ರಾಯಗಳನ್ನು ಗೌರವಿಸುತ್ತದೆ. ಭಾಗವತ್ ಅವರು ಸಂಘವು ರಾಜಕೀಯದಿಂದ ಅಂತರ ಕಾಯ್ದುಕೊಂಡಿದೆ ಎಂದು ಮತ್ತೊಮ್ಮೆ ಪುನರುಚ್ಚರಿಸಿದರು. ಸರ್ಕಾರ ಮತ್ತು ಸಂಘದ ನಡುವೆ ಯಾವುದೇ ಭಿನ್ನಾಭಿಪ್ರಾಯವಿಲ್ಲ, ಆದರೆ ನಿರ್ಧಾರಗಳು ಸರ್ಕಾರದ್ದೇ ಆಗಿರುತ್ತವೆ ಎಂದರು. ಅಮೆರಿಕದ ಸುಂಕ ನೀತಿಯ ಕುರಿತು ಪ್ರಶ್ನೆ ಎದುರಾದಾಗ, ಅಂತರರಾಷ್ಟ್ರೀಯ ವ್ಯಾಪಾರ ಸ್ವಯಂಪ್ರೇರಿತವಾಗಿರಬೇಕು, ಒತ್ತಡದಿಂದಲ್ಲ ಎಂದು ಉತ್ತರಿಸಿದರು. ಭಾರತೀಯ ಭಾಷೆಗಳ ಮಹತ್ವ, ಶಿಕ್ಷಣದಲ್ಲಿ ಮೌಲ್ಯಗಳ ಅಗತ್ಯ, ಯುವಜನರ ಪಾತ್ರ ಮತ್ತು ಮಹಿಳಾ ಸಬಲೀಕರಣದ ಕುರಿತು ಅವರು ಸವಿಸ್ತಾರವಾಗಿ ಮಾತನಾಡಿದರು. ಭಾರತದ ಪರಿಕಲ್ಪನೆ ಎಂದರೆ ವೈವಿಧ್ಯದಲ್ಲಿ ಏಕತೆ ಎಂಬ ಸಂದೇಶವನ್ನು ಅವರು ಜಗತ್ತಿಗೆ ಸಾರಿದರು.

ತಿಗೆ ಗುಣವಾಚುವ ಮತ್ತು ನಾಯಕರೊಬ್ಬರ ಎಂದೂ ಶೋಭಿಸುವ ಗುಣಗಳಲ್ಲಿ ಒಂದು ಮಾತುಗಳನ್ನು ಕೇವಲ ನಿಂದನೆಗಳಿಗೆ, ಆರೋಪಗಳಿಗೆ ಬಳಸುವುದು. ಇವತ್ತು ಕೇವಲ ಮಾತು ಒಳ್ಳೆಯ ಮಾತು ಬಳಸುತ್ತಾರೆ. ರಾಷ್ಟ್ರೀಯ ಸ್ವಯಂಸೇವಕ ಸಂಘದ ಸರಸಂಘಚಾಲಕ ಮೋಹನ್ ಭಾಗವತ್ ಅವರು ಈ ಗುಂಪಿಗೆ ಸೇರಿದವರು. ಸಂಘದ ನೂರು ವರ್ಷಗಳ ಸಂದರ್ಭದಲ್ಲಿ ಅವರು ಆಡಿದ ಮಾತುಗಳು ದೇಶದ ಚರ್ಚೆಯ ಕೇಂದ್ರಬಿಂದುವಾಗಿವೆ. ಕಳೆದ ವಾರ ದೆಹಲಿಯ ವಿಜ್ಞಾನ ಭವನದಲ್ಲಿ ಆರ್‌ಎಸ್‌ಎಸ್ ಶತಾಬ್ದಿ ಆಚರಣೆಯ ನಿಮಿತ್ತ ನಡೆದ ಕಾರ್ಯಕ್ರಮದಲ್ಲಿ ಭಾಗವತ್ ನೀಡಿದ ಸರಣಿ ಉಪನ್ಯಾಸಗಳು ಭಾರತದ ಪರಿಕಲ್ಪನೆಯನ್ನು ಸ್ಪಷ್ಟಗೊಳಿಸಿವೆ. ಅವರ ಮಾತುಗಳು ಕೇವಲ ಸಂಘದ ಸ್ವಯಂಸೇವಕರಿಗೆ ಮಾತ್ರವಲ್ಲ, ದೇಶದ ಪ್ರತಿಯೊಬ್ಬ ನಾಗರಿಕನಿಗೂ ದಿಕ್ಸೂಚಿಯಾಗಿವೆ. ಹಿಂದುತ್ವ ಎಂದರೆ ಯಾರನ್ನೂ ಹೊರಗಿಡುವುದಲ್ಲ, ಎಲ್ಲರನ್ನೂ ಒಳಗೊಳ್ಳುವುದು ಎಂದು ಅವರು ಸ್ಪಷ್ಟಪಡಿಸಿದರು.

ಹೊರಡುವುದು ಸ್ವಪ್ನವಾಗಿ ಗೋಚರಿಸುತ್ತದೆ. ಸಂಘವು ನೂರು ವರ್ಷಗಳನ್ನು ತಲುಪುತ್ತಿರುವ ಸಂದರ್ಭದಲ್ಲಿ ಯೋಜನೆಗಳು '100 ವರ್ಷಗಳ ಸಂಘ ಯಾತ್ರೆ - ಹೊಸ ದಿಗಂತಗಳು' ಎಂಬ ಶೀರ್ಷಿಕೆಯಲ್ಲಿ ರೂಪುಗೊಂಡಿವೆ. ಭಾರತವು ಜಾಗತಿಕ ಶಕ್ತಿಯಾಗಿ ಬೆಳೆಯುತ್ತಿರುವಾಗ ಅದರ ಸ್ವಂತಿಕೆ ಉಳಿಸಿಕೊಳ್ಳುವುದು ಅತ್ಯಗತ್ಯ ಎಂದು ಭಾಗವತ್ ಹೇಳಿದರು. ಅಮೆರಿಕ ಹೇರುತ್ತಿರುವ ಸುಂಕಗಳ ನಡುವೆಯೂ ಸ್ವದೇಶಿ ಚಿಂತನೆಯ ಮಹತ್ವವನ್ನು ಅವರು ಒತ್ತಿ ಹೇಳಿದರು. ಭಾರತದ ಆರ್ಥಿಕತೆ, ಸಂಸ್ಕೃತಿ ಮತ್ತು ಸಮಾಜ ಒಂದಕ್ಕೊಂದು ಬೆಸೆದುಕೊಂಡಿವೆ. ಸಂಘದ ಆರಂಭಿಕ ದಿನಗಳ ಸಂಕಷ್ಟಗಳನ್ನು ನೆನಪಿಸಿಕೊಂಡ ಅವರು, ಇಂದಿನ ಬೆಳವಣಿಗೆ ಲಕ್ಷಾಂತರ ಸ್ವಯಂಸೇವಕರ ತ್ಯಾಗದ ಫಲ ಎಂದರು. ಜಾತಿ ತಾರತಮ್ಯ ನಿವಾರಣೆ, ಪರಿಸರ ಸಂರಕ್ಷಣೆ, ಕುಟುಂಬ ಪ್ರಬೋಧನ, ಸಾಮಾಜಿಕ ಸಾಮರಸ್ಯ ಮತ್ತು ನಾಗರಿಕ ಕರ್ತವ್ಯಗಳು ಎಂಬ ಪಂಚ ಪರಿವರ್ತನೆಗಳ ಕುರಿತು ಅವರು ವಿವರಿಸಿದರು.

ಕೃಪೆ: ಇಂಡಿಯನ್ ಎಕ್ಸ್‌ಪ್ರೆಸ್
ಗರ್ಭದ ಮೇಲೆ ಪರಿಣಾಮ ಬೀರುವ ಮಾನಸ ದೋಷಗಳು
ಚ	ರಕಸಂಹಿತೆಯ ಶರೀರಸ್ಥಾನದ ನಾಲ್ಕನೆಯ ಅಧ್ಯಾಯದಲ್ಲಿ ಗರ್ಭಿಣಿಯ ಮಾನಸಿಕ ಸ್ಥಿತಿಯು ಗರ್ಭದ ಮೇಲೆ ಬೀರುವ ಪರಿಣಾಮಗಳ ಬಗ್ಗೆ ವಿವರವಾಗಿ ಹೇಳಲಾಗಿದೆ. ಗರ್ಭಿಣಿಯು ಯಾವ ರೀತಿಯ ಆಹಾರ, ವಿಹಾರ ಮತ್ತು ಆಚಾರಗಳನ್ನು ಪಾಲಿಸುತ್ತಾಳೋ ಅದೇ ರೀತಿಯ ಗುಣಗಳು ಮಗುವಿನಲ್ಲಿ ಕಾಣಿಸಿಕೊಳ್ಳುತ್ತವೆ ಎಂದು ಆಚಾರ್ಯರು ಹೇಳುತ್ತಾರೆ. ಸತ್ವ, ರಜಸ್ ಮತ್ತು ತಮಸ್ ಎಂಬ ಮೂರು ಮಾನಸ ಗುಣಗಳು ಮಗುವಿನ ಸ್ವಭಾವವನ್ನು ನಿರ್ಧರಿಸುತ್ತವೆ. ಚರಕಾಚಾರ್ಯರು ಸತ್ವ ಗುಣವನ್ನು ಏಳು ಪ್ರಕಾರಗಳಾಗಿ ವಿಂಗಡಿಸಿದ್ದಾರೆ. 1. ಬ್ರಾಹ್ಮಸತ್ವ, 2. ಆರ್ಷಸತ್ವ, 3. ಐಂದ್ರಸತ್ವ ಇತ್ಯಾದಿ.

ಪೋಷಣೆಯು, ವಾತಾವರಣವು ಗರ್ಭದ ಬೆಳವಣಿಗೆಗೆ ಮುಖ್ಯ. ರಜೋಗುಣದ ಆರು ಪ್ರಕಾರಗಳು: 4. ಯಾಮ್ಯಸತ್ವ: ಕರ್ತವ್ಯಪರಾಯಣತೆ, ಸಮಯಪಾಲನೆ. 5. ವಾರುಣಸತ್ವ: ಶೌರ್ಯ, ಧೈರ್ಯ, ಶುಚಿತ್ವ. 6. ಕೌಬೇರಸತ್ವ: ಐಶ್ವರ್ಯ, ಧರ್ಮಾರ್ಥಕಾಮಗಳು. 7. ಗಾಂಧರ್ವಸತ್ವ: ನೃತ್ಯ, ಗೀತ, ವಾದ್ಯಗಳಲ್ಲಿ ಆಸಕ್ತಿ. ರಾಜಸಸತ್ವದ ಪ್ರಕಾರಗಳು: 1. ಆಸುರಸತ್ವ, 2. ರಾಕ್ಷಸಸತ್ವ, 3. ಪೈಶಾಚಸತ್ವ, 4. ಸಾರ್ಪಸತ್ವ, 5. ಪ್ರೈತಸತ್ವ, 6. ಶಾಕುನಸತ್ವ.

ನಿದ್ದೆಯನ್ನು ಮಾಡುವವರು, ಬೇಗ ಉದ್ರೇಕಗೊಳ್ಳುವವರು ಈ ಗುಣದವರು. ತಾಮಸ ಸತ್ವದ ಪ್ರಕಾರಗಳು: 1. ಪಾಶವಸತ್ವ, 2. ಮಾತ್ಸ್ಯಸತ್ವ, 3. ವಾನಸ್ಪತ್ಯಸತ್ವ. ಹೀಗೆ ಗರ್ಭಿಣಿಯ ಮಾನಸಿಕ ಸ್ಥಿತಿ ಉತ್ತಮವಾಗಿದ್ದರೆ ಉತ್ತಮ ಸಂತಾನ ಪಡೆಯಲು ಸಾಧ್ಯ. ಆದ್ದರಿಂದ ಗರ್ಭಿಣಿಯು ಸದಾ ಸಂತೋಷದಿಂದ, ಶಾಂತ ಮನಸ್ಸಿನಿಂದ ಇರಬೇಕು ಎಂದು ಆಯುರ್ವೇದ ಸಾರುತ್ತದೆ. ಇಂದಿನ ವಿಜ್ಞಾನವೂ ಇದನ್ನು ಒಪ್ಪುತ್ತದೆ.

ಪದಸಂಚಲನ
ಡಾ. ವಿಶ್ವನಾಥ ಸುಂಕಸಾಳ
sunkasalvishwa@gmail.com

ಪೋಷಣೆಯು, ವಾತಾವರಣವು ಗರ್ಭದ ಬೆಳವಣಿಗೆಗೆ ಮುಖ್ಯ. ರಜೋಗುಣದ ಆರು ಪ್ರಕಾರಗಳು: 4. ಯಾಮ್ಯಸತ್ವ: ಕರ್ತವ್ಯಪರಾಯಣತೆ, ಸಮಯಪಾಲನೆ. 5. ವಾರುಣಸತ್ವ: ಶೌರ್ಯ, ಧೈರ್ಯ, ಶುಚಿತ್ವ. 6. ಕೌಬೇರಸತ್ವ: ಐಶ್ವರ್ಯ, ಧರ್ಮಾರ್ಥಕಾಮಗಳು. 7. ಗಾಂಧರ್ವಸತ್ವ: ನೃತ್ಯ, ಗೀತ, ವಾದ್ಯಗಳಲ್ಲಿ ಆಸಕ್ತಿ. ರಾಜಸಸತ್ವದ ಪ್ರಕಾರಗಳು: 1. ಆಸುರಸತ್ವ, 2. ರಾಕ್ಷಸಸತ್ವ, 3. ಪೈಶಾಚಸತ್ವ, 4. ಸಾರ್ಪಸತ್ವ, 5. ಪ್ರೈತಸತ್ವ, 6. ಶಾಕುನಸತ್ವ.

ರಕಸಂಹಿತೆಯ ಶರೀರಸ್ಥಾನದ ನಾಲ್ಕನೆಯ ಅಧ್ಯಾಯದಲ್ಲಿ ಗರ್ಭಿಣಿಯ ಮಾನಸಿಕ ಸ್ಥಿತಿಯು ಗರ್ಭದ ಮೇಲೆ ಬೀರುವ ಪರಿಣಾಮಗಳ ಬಗ್ಗೆ ವಿವರವಾಗಿ ಹೇಳಲಾಗಿದೆ. ಗರ್ಭಿಣಿಯು ಯಾವ ರೀತಿಯ ಆಹಾರ, ವಿಹಾರ ಮತ್ತು ಆಚಾರಗಳನ್ನು ಪಾಲಿಸುತ್ತಾಳೋ ಅದೇ ರೀತಿಯ ಗುಣಗಳು ಮಗುವಿನಲ್ಲಿ ಕಾಣಿಸಿಕೊಳ್ಳುತ್ತವೆ ಎಂದು ಆಚಾರ್ಯರು ಹೇಳುತ್ತಾರೆ. ಸತ್ವ, ರಜಸ್ ಮತ್ತು ತಮಸ್ ಎಂಬ ಮೂರು ಮಾನಸ ಗುಣಗಳು ಮಗುವಿನ ಸ್ವಭಾವವನ್ನು ನಿರ್ಧರಿಸುತ್ತವೆ. ಚರಕಾಚಾರ್ಯರು ಸತ್ವ ಗುಣವನ್ನು ಏಳು ಪ್ರಕಾರಗಳಾಗಿ ವಿಂಗಡಿಸಿದ್ದಾರೆ. 1. ಬ್ರಾಹ್ಮಸತ್ವ, 2. ಆರ್ಷಸತ್ವ, 3. ಐಂದ್ರಸತ್ವ ಇತ್ಯಾದಿ.

ನಿದ್ದೆಯನ್ನು ಮಾಡುವವರು, ಬೇಗ ಉದ್ರೇಕಗೊಳ್ಳುವವರು ಈ ಗುಣದವರು. ತಾಮಸ ಸತ್ವದ ಪ್ರಕಾರಗಳು: 1. ಪಾಶವಸತ್ವ, 2. ಮಾತ್ಸ್ಯಸತ್ವ, 3. ವಾನಸ್ಪತ್ಯಸತ್ವ. ಹೀಗೆ ಗರ್ಭಿಣಿಯ ಮಾನಸಿಕ ಸ್ಥಿತಿ ಉತ್ತಮವಾಗಿದ್ದರೆ ಉತ್ತಮ ಸಂತಾನ ಪಡೆಯಲು ಸಾಧ್ಯ. ಆದ್ದರಿಂದ ಗರ್ಭಿಣಿಯು ಸದಾ ಸಂತೋಷದಿಂದ, ಶಾಂತ ಮನಸ್ಸಿನಿಂದ ಇರಬೇಕು ಎಂದು ಆಯುರ್ವೇದ ಸಾರುತ್ತದೆ. ಇಂದಿನ ವಿಜ್ಞಾನವೂ ಇದನ್ನು ಒಪ್ಪುತ್ತದೆ.

ಪೋಷಣೆಯು, ವಾತಾವರಣವು ಗರ್ಭದ ಬೆಳವಣಿಗೆಗೆ ಮುಖ್ಯ. ರಜೋಗುಣದ ಆರು ಪ್ರಕಾರಗಳು: 4. ಯಾಮ್ಯಸತ್ವ: ಕರ್ತವ್ಯಪರಾಯಣತೆ, ಸಮಯಪಾಲನೆ. 5. ವಾರುಣಸತ್ವ: ಶೌರ್ಯ, ಧೈರ್ಯ, ಶುಚಿತ್ವ. 6. ಕೌಬೇರಸತ್ವ: ಐಶ್ವರ್ಯ, ಧರ್ಮಾರ್ಥಕಾಮಗಳು. 7. ಗಾಂಧರ್ವಸತ್ವ: ನೃತ್ಯ, ಗೀತ, ವಾದ್ಯಗಳಲ್ಲಿ ಆಸಕ್ತಿ. ರಾಜಸಸತ್ವದ ಪ್ರಕಾರಗಳು: 1. ಆಸುರಸತ್ವ, 2. ರಾಕ್ಷಸಸತ್ವ, 3. ಪೈಶಾಚಸತ್ವ, 4. ಸಾರ್ಪಸತ್ವ, 5. ಪ್ರೈತಸತ್ವ, 6. ಶಾಕುನಸತ್ವ.

ರಕಸಂಹಿತೆಯ ಶರೀರಸ್ಥಾನದ ನಾಲ್ಕನೆಯ ಅಧ್ಯಾಯದಲ್ಲಿ ಗರ್ಭಿಣಿಯ ಮಾನಸಿಕ ಸ್ಥಿತಿಯು ಗರ್ಭದ ಮೇಲೆ ಬೀರುವ ಪರಿಣಾಮಗಳ ಬಗ್ಗೆ ವಿವರವಾಗಿ ಹೇಳಲಾಗಿದೆ. ಗರ್ಭಿಣಿಯು ಯಾವ ರೀತಿಯ ಆಹಾರ, ವಿಹಾರ ಮತ್ತು ಆಚಾರಗಳನ್ನು ಪಾಲಿಸುತ್ತಾಳೋ ಅದೇ ರೀತಿಯ ಗುಣಗಳು ಮಗುವಿನಲ್ಲಿ ಕಾಣಿಸಿಕೊಳ್ಳುತ್ತವೆ ಎಂದು ಆಚಾರ್ಯರು ಹೇಳುತ್ತಾರೆ. ಸತ್ವ, ರಜಸ್ ಮತ್ತು ತಮಸ್ ಎಂಬ ಮೂರು ಮಾನಸ ಗುಣಗಳು ಮಗುವಿನ ಸ್ವಭಾವವನ್ನು ನಿರ್ಧರಿಸುತ್ತವೆ. ಚರಕಾಚಾರ್ಯರು ಸತ್ವ ಗುಣವನ್ನು ಏಳು ಪ್ರಕಾರಗಳಾಗಿ ವಿಂಗಡಿಸಿದ್ದಾರೆ. 1. ಬ್ರಾಹ್ಮಸತ್ವ, 2. ಆರ್ಷಸತ್ವ, 3. ಐಂದ್ರಸತ್ವ ಇತ್ಯಾದಿ.
